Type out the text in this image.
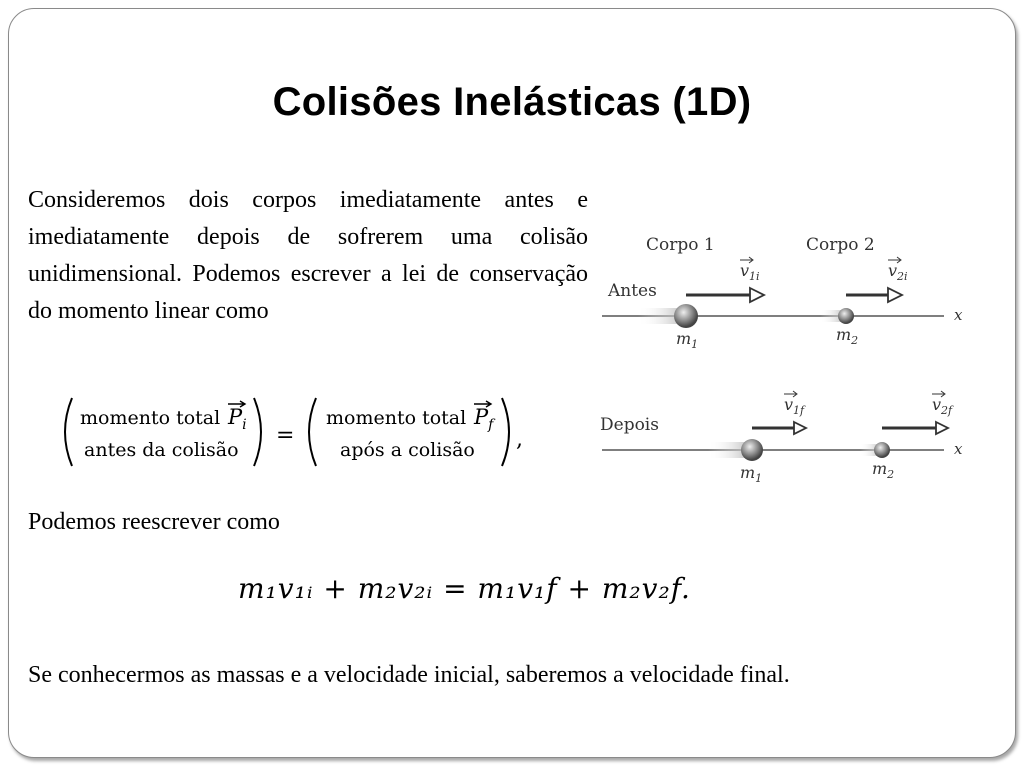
Colisões Inelásticas (1D)
Consideremos dois corpos imediatamente antes e imediatamente depois de sofrerem uma colisão unidimensional. Podemos escrever a lei de conservação do momento linear como
momento total $P_i$
antes da colisão
=
momento total $P_f$
após a colisão ,
Podemos reescrever como
m₁v₁ᵢ + m₂v₂ᵢ = m₁v₁f + m₂v₂f.
Corpo 1	Corpo 2
Antes
x
$v_{1i}$	$v_{2i}$
$m_1$
$m_2$
Depois
x
$v_{1f}$	$v_{2f}$
$m_1$
$m_2$
Se conhecermos as massas e a velocidade inicial, saberemos a velocidade final.
